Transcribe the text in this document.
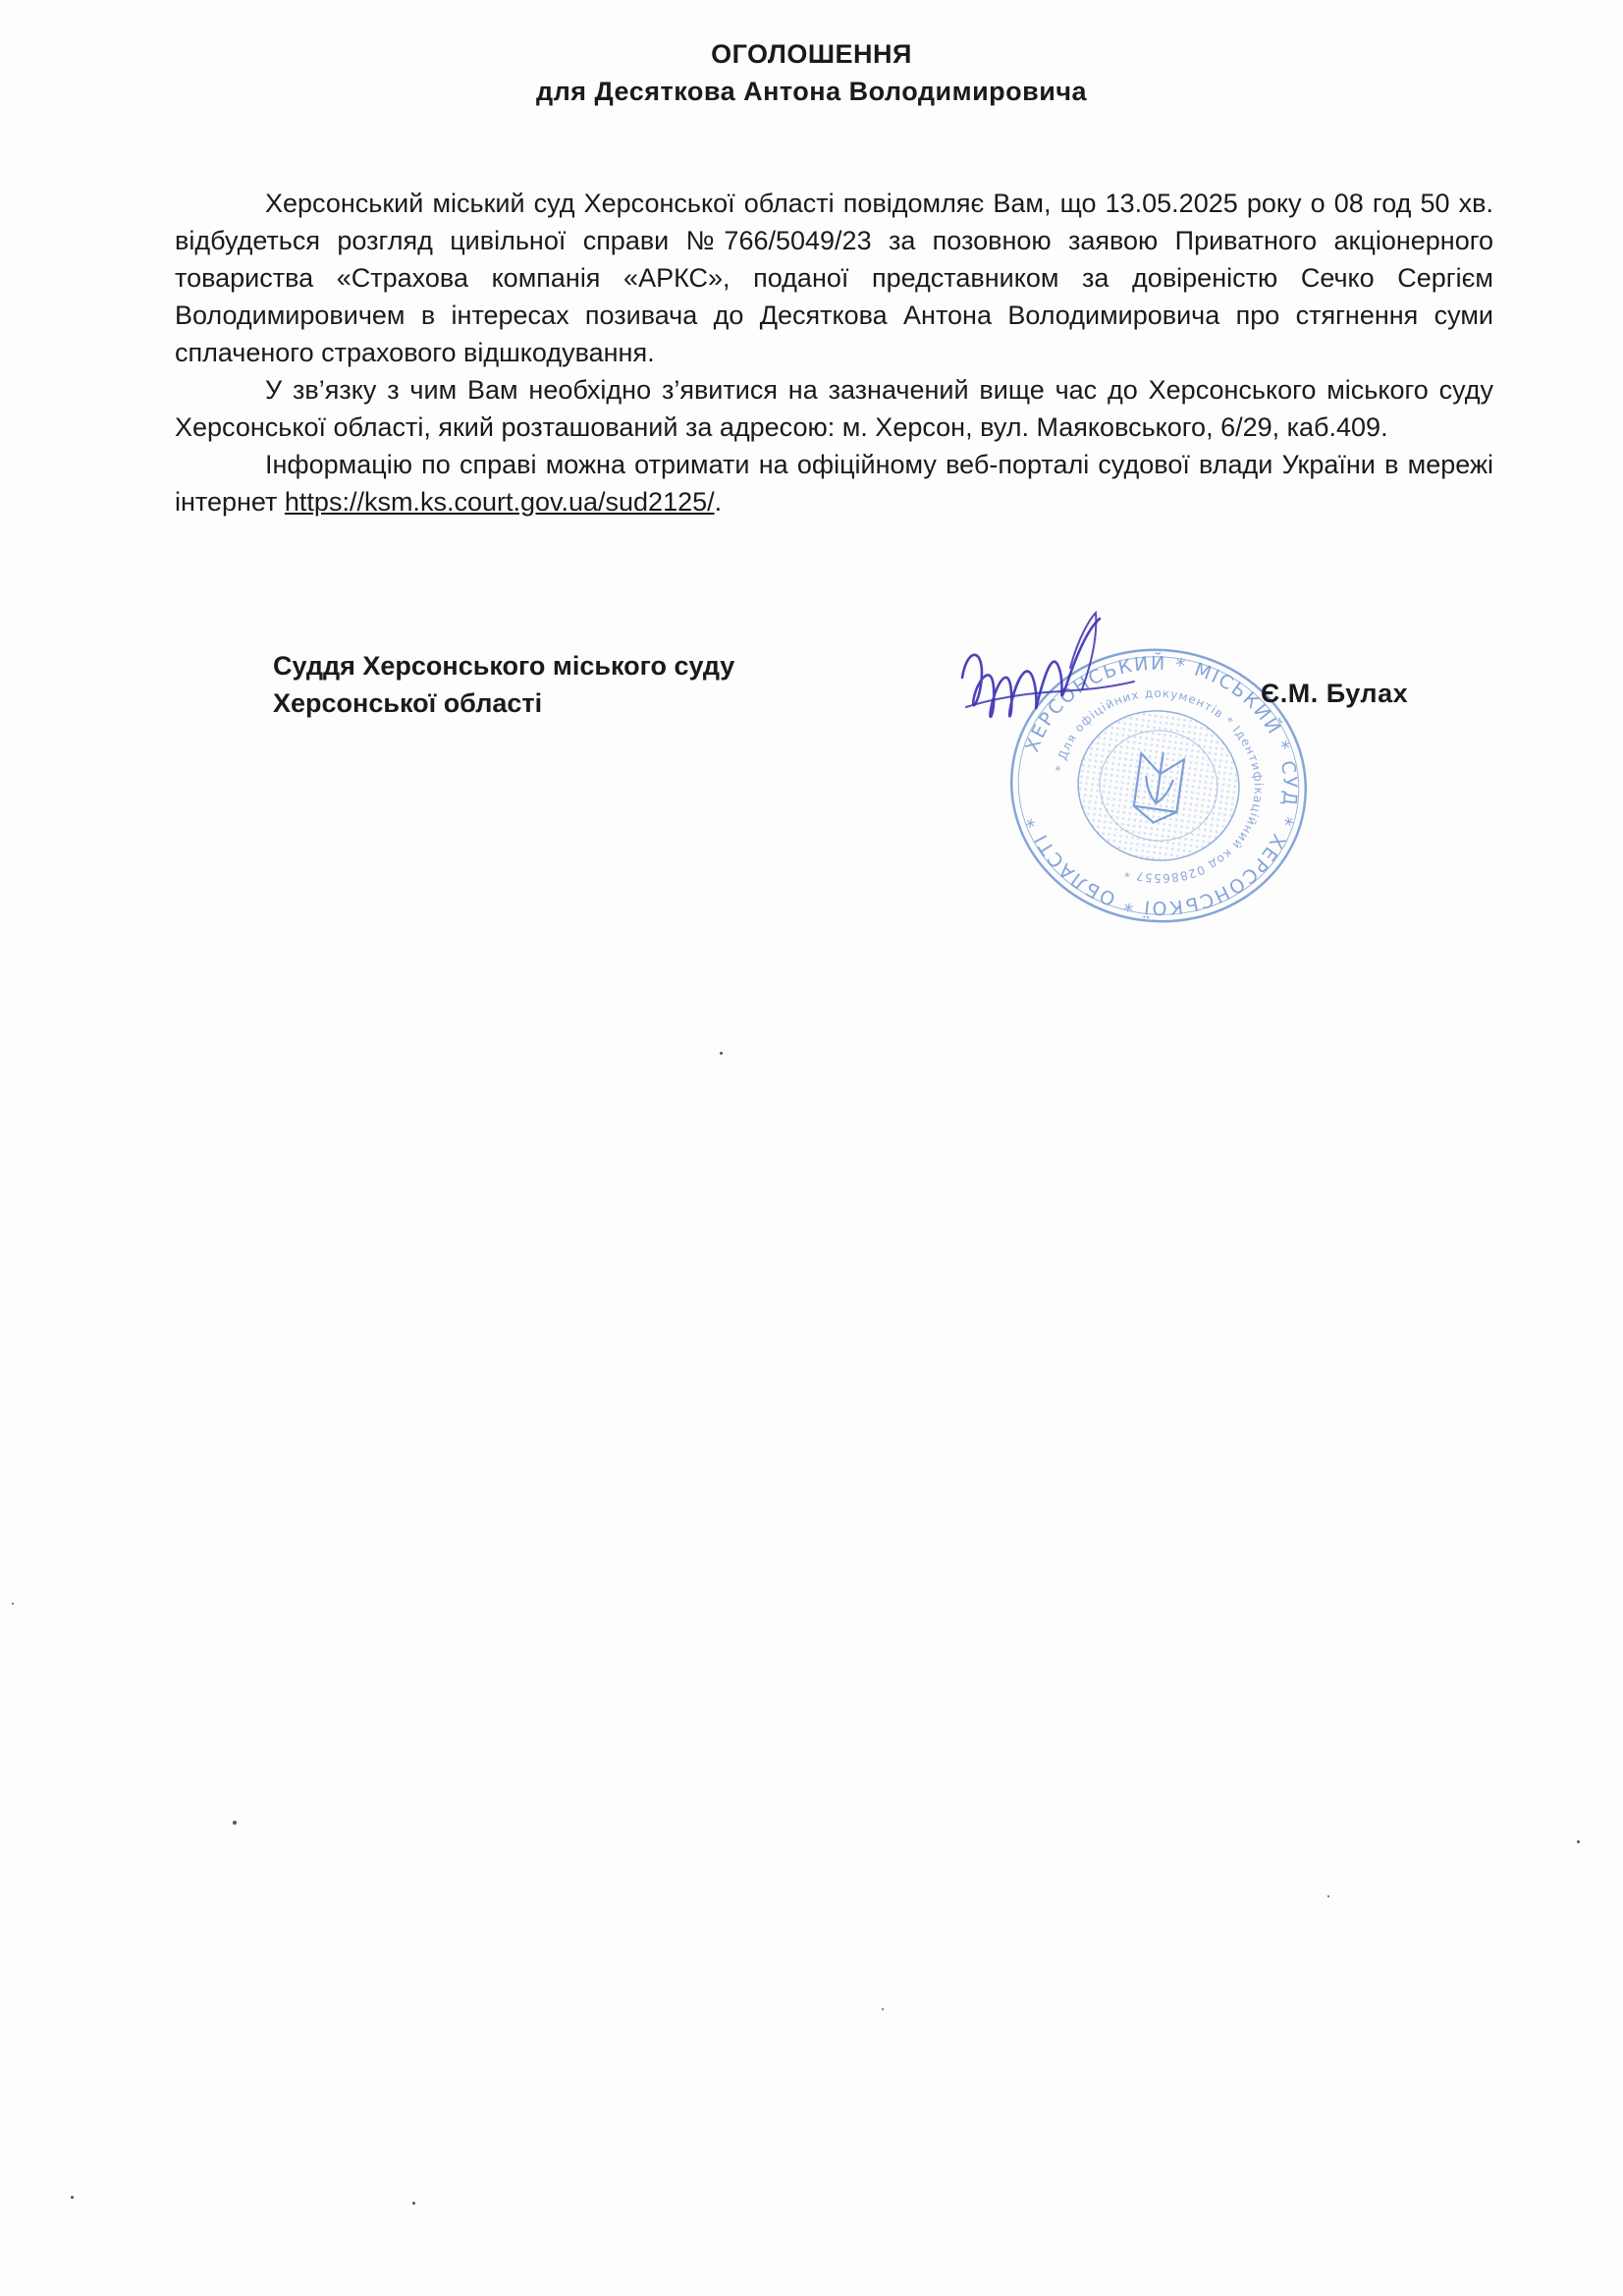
ОГОЛОШЕННЯ
для Десяткова Антона Володимировича

Херсонський міський суд Херсонської області повідомляє Вам, що 13.05.2025 року о 08 год 50 хв. відбудеться розгляд цивільної справи №766/5049/23 за позовною заявою Приватного акціонерного товариства «Страхова компанія «АРКС», поданої представником за довіреністю Сечко Сергієм Володимировичем в інтересах позивача до Десяткова Антона Володимировича про стягнення суми сплаченого страхового відшкодування.

У зв’язку з чим Вам необхідно з’явитися на зазначений вище час до Херсонського міського суду Херсонської області, який розташований за адресою: м. Херсон, вул. Маяковського, 6/29, каб.409.

Інформацію по справі можна отримати на офіційному веб-порталі судової влади України в мережі інтернет https://ksm.ks.court.gov.ua/sud2125/.

Суддя Херсонського міського суду
Херсонської області
ХЕРСОНСЬКИЙ * МІСЬКИЙ * СУД * ХЕРСОНСЬКОЇ * ОБЛАСТІ *
* Для офіційних документів * Ідентифікаційний код 02886557 *
Є.М. Булах
